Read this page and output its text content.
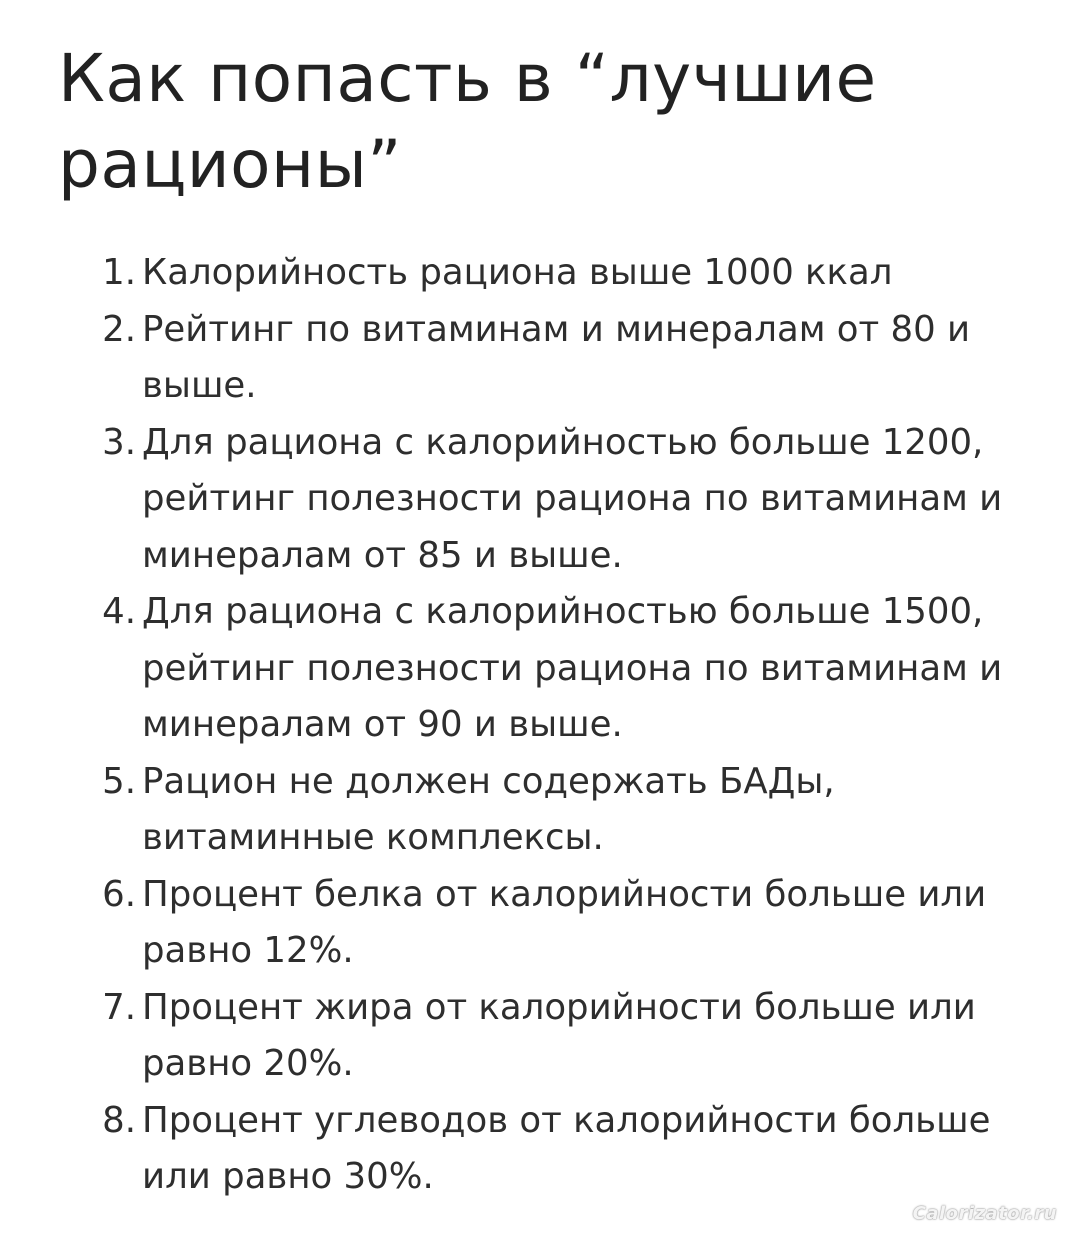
Как попасть в “лучшие рационы”
1. Калорийность рациона выше 1000 ккал
2. Рейтинг по витаминам и минералам от 80 и выше.
3. Для рациона с калорийностью больше 1200, рейтинг полезности рациона по витаминам и минералам от 85 и выше.
4. Для рациона с калорийностью больше 1500, рейтинг полезности рациона по витаминам и минералам от 90 и выше.
5. Рацион не должен содержать БАДы, витаминные комплексы.
6. Процент белка от калорийности больше или равно 12%.
7. Процент жира от калорийности больше или равно 20%.
8. Процент углеводов от калорийности больше или равно 30%.
Calorizator.ru
